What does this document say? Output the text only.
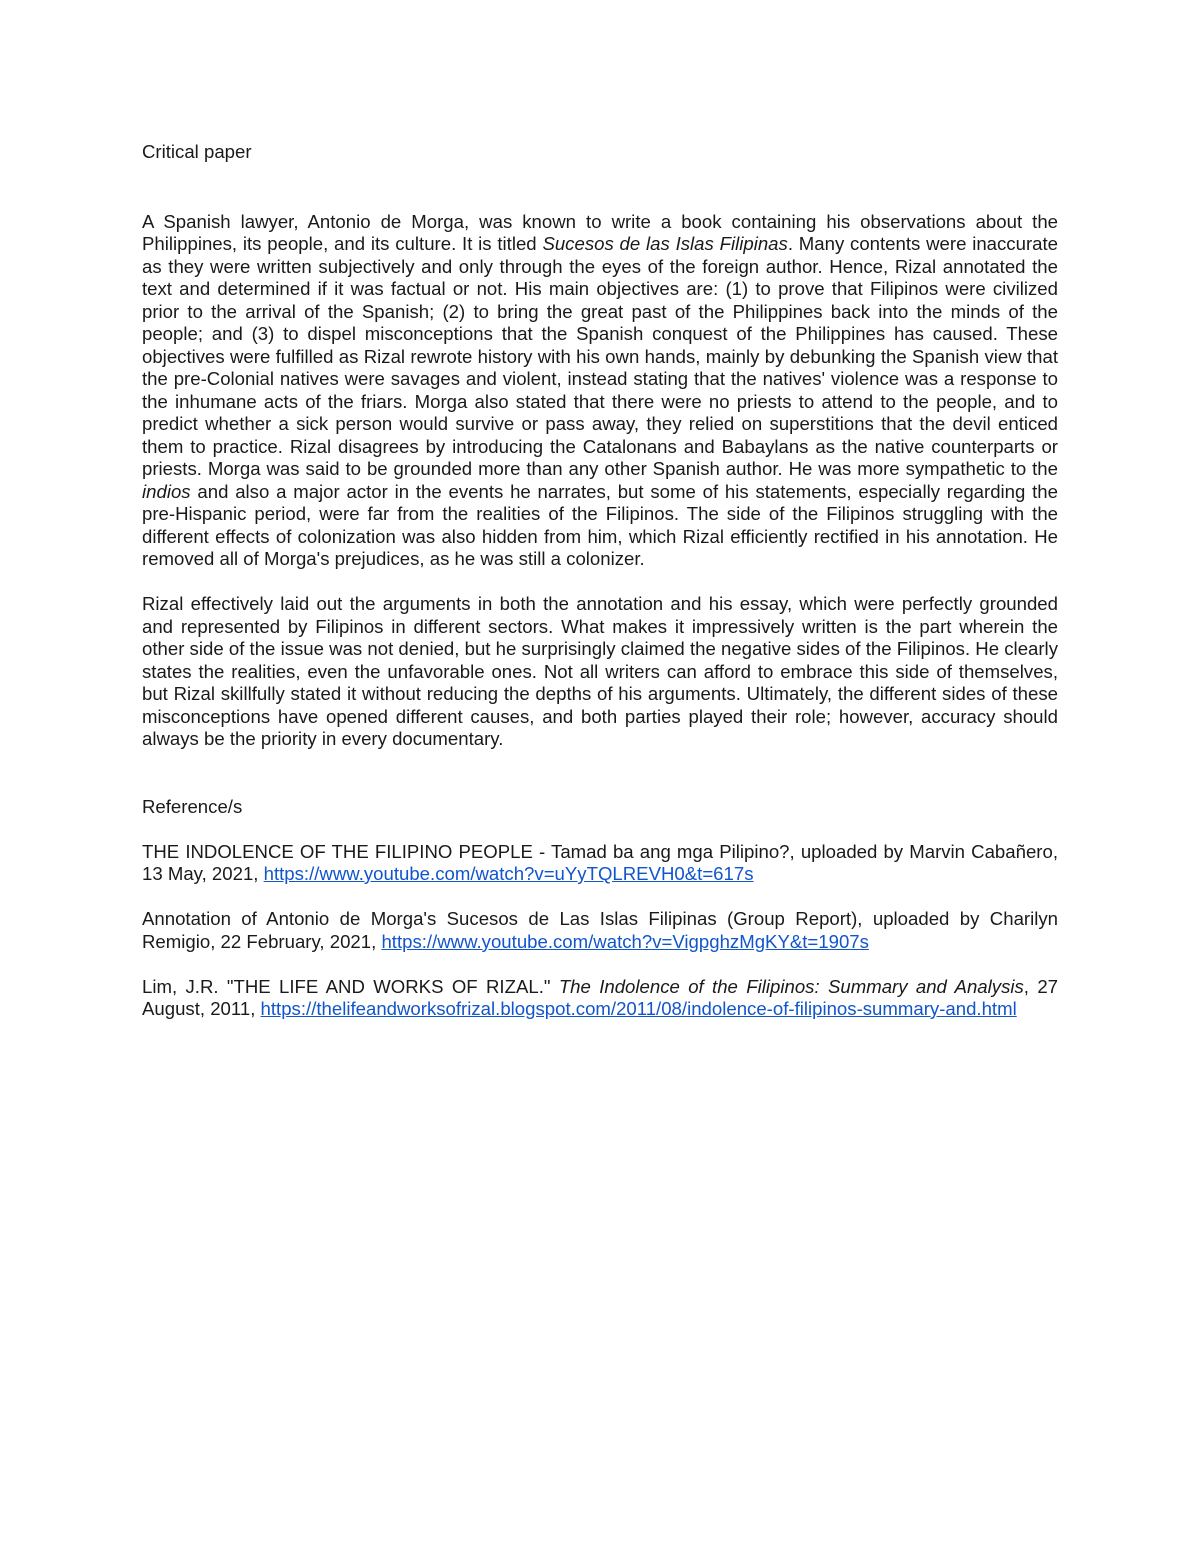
Critical paper

A Spanish lawyer, Antonio de Morga, was known to write a book containing his observations about the Philippines, its people, and its culture. It is titled Sucesos de las Islas Filipinas. Many contents were inaccurate as they were written subjectively and only through the eyes of the foreign author. Hence, Rizal annotated the text and determined if it was factual or not. His main objectives are: (1) to prove that Filipinos were civilized prior to the arrival of the Spanish; (2) to bring the great past of the Philippines back into the minds of the people; and (3) to dispel misconceptions that the Spanish conquest of the Philippines has caused. These objectives were fulfilled as Rizal rewrote history with his own hands, mainly by debunking the Spanish view that the pre-Colonial natives were savages and violent, instead stating that the natives' violence was a response to the inhumane acts of the friars. Morga also stated that there were no priests to attend to the people, and to predict whether a sick person would survive or pass away, they relied on superstitions that the devil enticed them to practice. Rizal disagrees by introducing the Catalonans and Babaylans as the native counterparts or priests. Morga was said to be grounded more than any other Spanish author. He was more sympathetic to the indios and also a major actor in the events he narrates, but some of his statements, especially regarding the pre-Hispanic period, were far from the realities of the Filipinos. The side of the Filipinos struggling with the different effects of colonization was also hidden from him, which Rizal efficiently rectified in his annotation. He removed all of Morga's prejudices, as he was still a colonizer.

Rizal effectively laid out the arguments in both the annotation and his essay, which were perfectly grounded and represented by Filipinos in different sectors. What makes it impressively written is the part wherein the other side of the issue was not denied, but he surprisingly claimed the negative sides of the Filipinos. He clearly states the realities, even the unfavorable ones. Not all writers can afford to embrace this side of themselves, but Rizal skillfully stated it without reducing the depths of his arguments. Ultimately, the different sides of these misconceptions have opened different causes, and both parties played their role; however, accuracy should always be the priority in every documentary.

Reference/s

THE INDOLENCE OF THE FILIPINO PEOPLE - Tamad ba ang mga Pilipino?, uploaded by Marvin Cabañero, 13 May, 2021, https://www.youtube.com/watch?v=uYyTQLREVH0&t=617s

Annotation of Antonio de Morga's Sucesos de Las Islas Filipinas (Group Report), uploaded by Charilyn Remigio, 22 February, 2021, https://www.youtube.com/watch?v=VigpghzMgKY&t=1907s

Lim, J.R. "THE LIFE AND WORKS OF RIZAL." The Indolence of the Filipinos: Summary and Analysis, 27 August, 2011, https://thelifeandworksofrizal.blogspot.com/2011/08/indolence-of-filipinos-summary-and.html
